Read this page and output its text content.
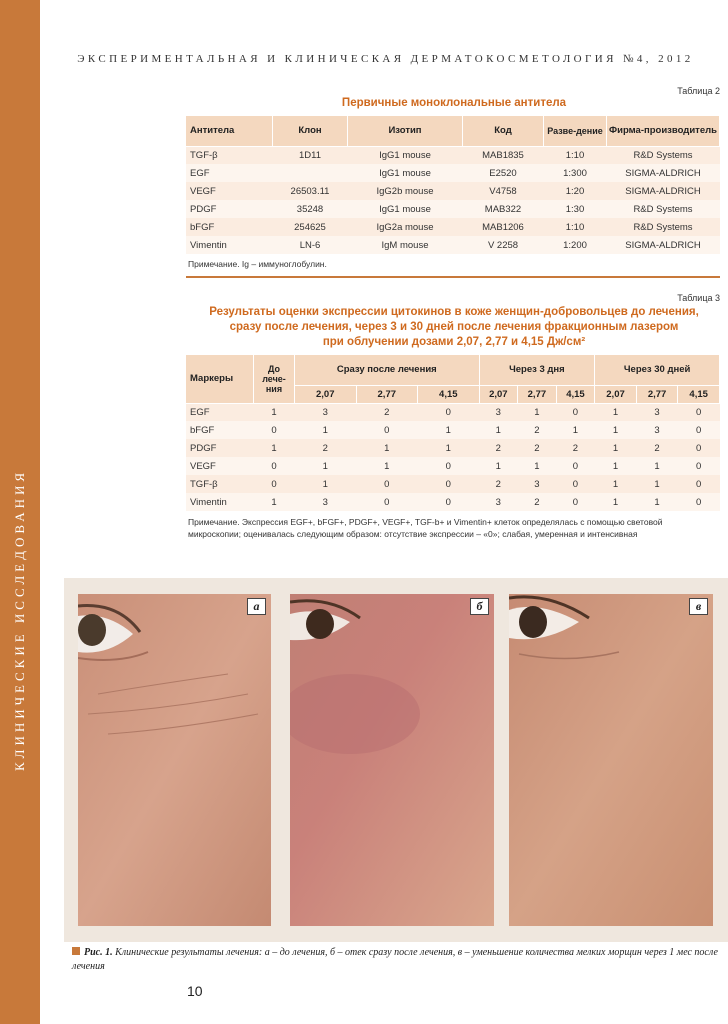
КЛИНИЧЕСКИЕ ИССЛЕДОВАНИЯ
ЭКСПЕРИМЕНТАЛЬНАЯ И КЛИНИЧЕСКАЯ ДЕРМАТОКОСМЕТОЛОГИЯ №4, 2012
Таблица 2
Первичные моноклональные антитела
Антитела	Клон	Изотип	Код	Разве-дение	Фирма-производитель
TGF-β	1D11	IgG1 mouse	MAB1835	1:10	R&D Systems
EGF		IgG1 mouse	E2520	1:300	SIGMA-ALDRICH
VEGF	26503.11	IgG2b mouse	V4758	1:20	SIGMA-ALDRICH
PDGF	35248	IgG1 mouse	MAB322	1:30	R&D Systems
bFGF	254625	IgG2a mouse	MAB1206	1:10	R&D Systems
Vimentin	LN-6	IgM mouse	V 2258	1:200	SIGMA-ALDRICH
Примечание. Ig – иммуноглобулин.
Таблица 3
Результаты оценки экспрессии цитокинов в коже женщин-добровольцев до лечения,
сразу после лечения, через 3 и 30 дней после лечения фракционным лазером
при облучении дозами 2,07, 2,77 и 4,15 Дж/см²
Маркеры	До лече-ния	Сразу после лечения			Через 3 дня			Через 30 дней		
		2,07	2,77	4,15	2,07	2,77	4,15	2,07	2,77	4,15
EGF	1	3	2	0	3	1	0	1	3	0
bFGF	0	1	0	1	1	2	1	1	3	0
PDGF	1	2	1	1	2	2	2	1	2	0
VEGF	0	1	1	0	1	1	0	1	1	0
TGF-β	0	1	0	0	2	3	0	1	1	0
Vimentin	1	3	0	0	3	2	0	1	1	0
Примечание. Экспрессия EGF+, bFGF+, PDGF+, VEGF+, TGF-b+ и Vimentin+ клеток определялась с помощью световой
микроскопии; оценивалась следующим образом: отсутствие экспрессии – «0»; слабая, умеренная и интенсивная
а	б	в
Рис. 1. Клинические результаты лечения: а – до лечения, б – отек сразу после лечения, в – уменьшение количества мелких морщин через 1 мес после лечения
10
